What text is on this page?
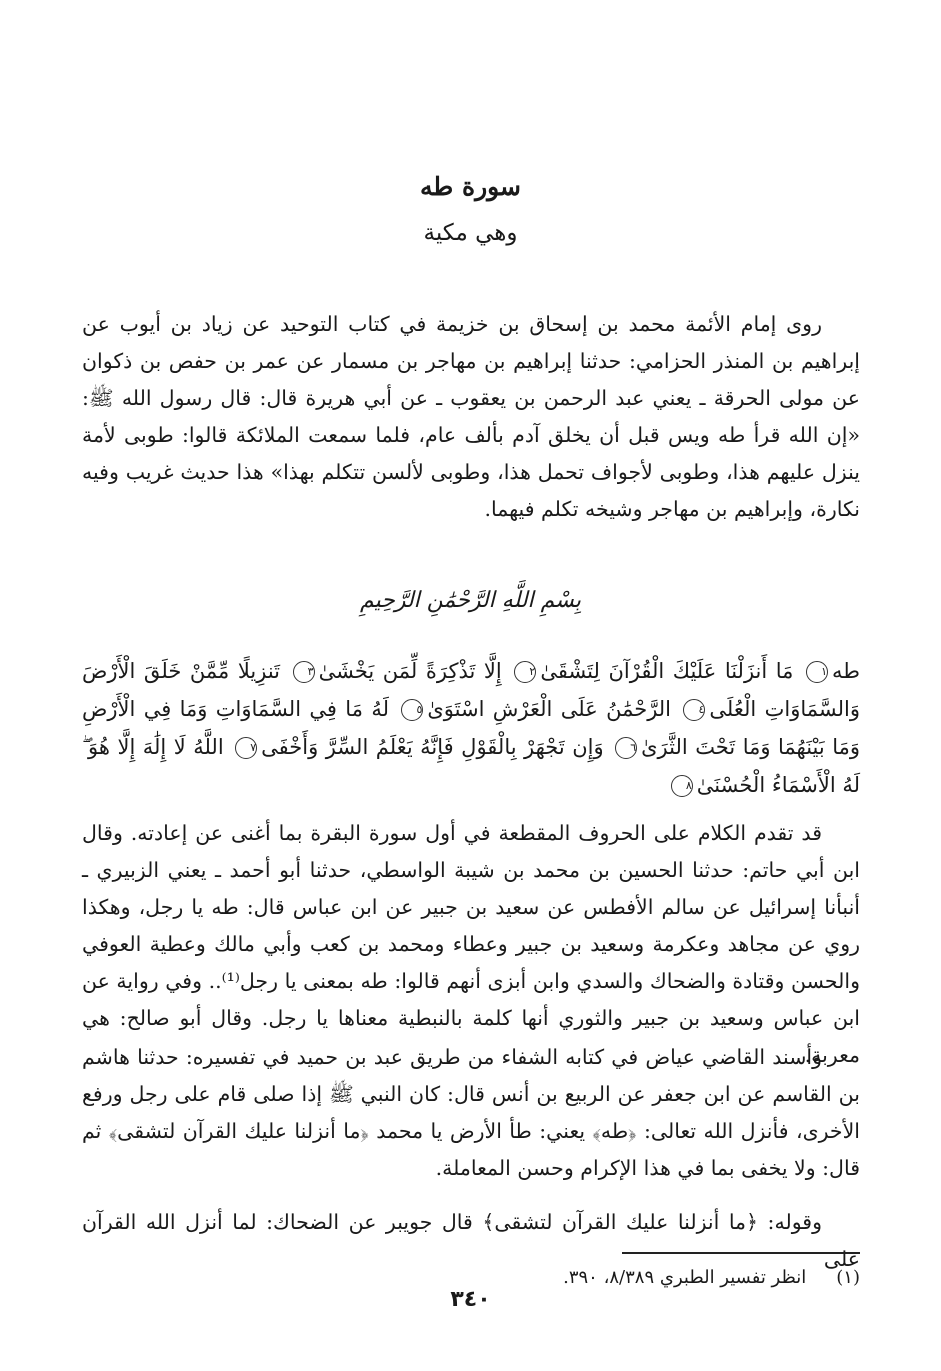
سورة طه
وهي مكية

روى إمام الأئمة محمد بن إسحاق بن خزيمة في كتاب التوحيد عن زياد بن أيوب عن إبراهيم بن المنذر الحزامي: حدثنا إبراهيم بن مهاجر بن مسمار عن عمر بن حفص بن ذكوان عن مولى الحرقة ـ يعني عبد الرحمن بن يعقوب ـ عن أبي هريرة قال: قال رسول الله ﷺ: «إن الله قرأ طه ويس قبل أن يخلق آدم بألف عام، فلما سمعت الملائكة قالوا: طوبى لأمة ينزل عليهم هذا، وطوبى لأجواف تحمل هذا، وطوبى لألسن تتكلم بهذا» هذا حديث غريب وفيه نكارة، وإبراهيم بن مهاجر وشيخه تكلم فيهما.

بِسْمِ اللَّهِ الرَّحْمَٰنِ الرَّحِيمِ
طه١ مَا أَنزَلْنَا عَلَيْكَ الْقُرْآنَ لِتَشْقَىٰ٢ إِلَّا تَذْكِرَةً لِّمَن يَخْشَىٰ٣ تَنزِيلًا مِّمَّنْ خَلَقَ الْأَرْضَ وَالسَّمَاوَاتِ الْعُلَى٤ الرَّحْمَٰنُ عَلَى الْعَرْشِ اسْتَوَىٰ٥ لَهُ مَا فِي السَّمَاوَاتِ وَمَا فِي الْأَرْضِ وَمَا بَيْنَهُمَا وَمَا تَحْتَ الثَّرَىٰ٦ وَإِن تَجْهَرْ بِالْقَوْلِ فَإِنَّهُ يَعْلَمُ السِّرَّ وَأَخْفَى٧ اللَّهُ لَا إِلَٰهَ إِلَّا هُوَ ۖ لَهُ الْأَسْمَاءُ الْحُسْنَىٰ٨

قد تقدم الكلام على الحروف المقطعة في أول سورة البقرة بما أغنى عن إعادته. وقال ابن أبي حاتم: حدثنا الحسين بن محمد بن شيبة الواسطي، حدثنا أبو أحمد ـ يعني الزبيري ـ أنبأنا إسرائيل عن سالم الأفطس عن سعيد بن جبير عن ابن عباس قال: طه يا رجل، وهكذا روي عن مجاهد وعكرمة وسعيد بن جبير وعطاء ومحمد بن كعب وأبي مالك وعطية العوفي والحسن وقتادة والضحاك والسدي وابن أبزى أنهم قالوا: طه بمعنى يا رجل⁽¹⁾.. وفي رواية عن ابن عباس وسعيد بن جبير والثوري أنها كلمة بالنبطية معناها يا رجل. وقال أبو صالح: هي معربة.

وأسند القاضي عياض في كتابه الشفاء من طريق عبد بن حميد في تفسيره: حدثنا هاشم بن القاسم عن ابن جعفر عن الربيع بن أنس قال: كان النبي ﷺ إذا صلى قام على رجل ورفع الأخرى، فأنزل الله تعالى: ﴿طه﴾ يعني: طأ الأرض يا محمد ﴿ما أنزلنا عليك القرآن لتشقى﴾ ثم قال: ولا يخفى بما في هذا الإكرام وحسن المعاملة.

وقوله: ﴿ما أنزلنا عليك القرآن لتشقى﴾ قال جويبر عن الضحاك: لما أنزل الله القرآن على

(١)انظر تفسير الطبري ٨/٣٨٩، ٣٩٠.
٣٤٠
